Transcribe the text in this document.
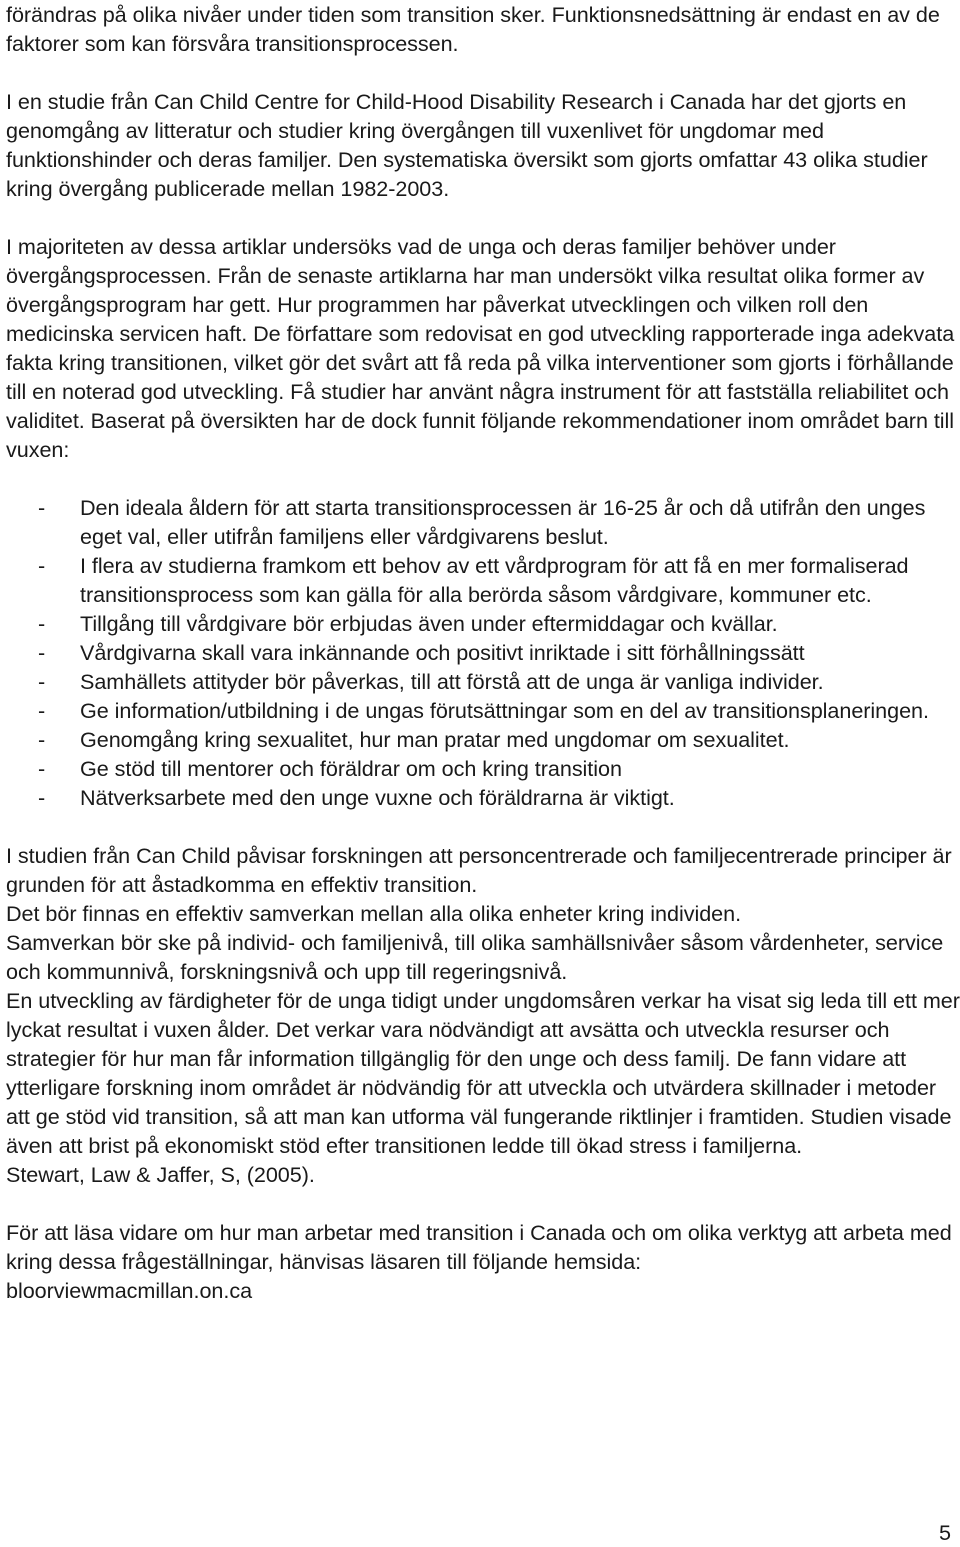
förändras på olika nivåer under tiden som transition sker. Funktionsnedsättning är endast en av de faktorer som kan försvåra transitionsprocessen.

I en studie från Can Child Centre for Child-Hood Disability Research i Canada har det gjorts en genomgång av litteratur och studier kring övergången till vuxenlivet för ungdomar med funktionshinder och deras familjer. Den systematiska översikt som gjorts omfattar 43 olika studier kring övergång publicerade mellan 1982-2003.

I majoriteten av dessa artiklar undersöks vad de unga och deras familjer behöver under övergångsprocessen. Från de senaste artiklarna har man undersökt vilka resultat olika former av övergångsprogram har gett. Hur programmen har påverkat utvecklingen och vilken roll den medicinska servicen haft. De författare som redovisat en god utveckling rapporterade inga adekvata fakta kring transitionen, vilket gör det svårt att få reda på vilka interventioner som gjorts i förhållande till en noterad god utveckling. Få studier har använt några instrument för att fastställa reliabilitet och validitet. Baserat på översikten har de dock funnit följande rekommendationer inom området barn till vuxen:

- Den ideala åldern för att starta transitionsprocessen är 16-25 år och då utifrån den unges eget val, eller utifrån familjens eller vårdgivarens beslut.
- I flera av studierna framkom ett behov av ett vårdprogram för att få en mer formaliserad transitionsprocess som kan gälla för alla berörda såsom vårdgivare, kommuner etc.
- Tillgång till vårdgivare bör erbjudas även under eftermiddagar och kvällar.
- Vårdgivarna skall vara inkännande och positivt inriktade i sitt förhållningssätt
- Samhällets attityder bör påverkas, till att förstå att de unga är vanliga individer.
- Ge information/utbildning i de ungas förutsättningar som en del av transitionsplaneringen.
- Genomgång kring sexualitet, hur man pratar med ungdomar om sexualitet.
- Ge stöd till mentorer och föräldrar om och kring transition
- Nätverksarbete med den unge vuxne och föräldrarna är viktigt.

I studien från Can Child påvisar forskningen att personcentrerade och familjecentrerade principer är grunden för att åstadkomma en effektiv transition.
Det bör finnas en effektiv samverkan mellan alla olika enheter kring individen.
Samverkan bör ske på individ- och familjenivå, till olika samhällsnivåer såsom vårdenheter, service och kommunnivå, forskningsnivå och upp till regeringsnivå.
En utveckling av färdigheter för de unga tidigt under ungdomsåren verkar ha visat sig leda till ett mer lyckat resultat i vuxen ålder. Det verkar vara nödvändigt att avsätta och utveckla resurser och strategier för hur man får information tillgänglig för den unge och dess familj. De fann vidare att ytterligare forskning inom området är nödvändig för att utveckla och utvärdera skillnader i metoder att ge stöd vid transition, så att man kan utforma väl fungerande riktlinjer i framtiden. Studien visade även att brist på ekonomiskt stöd efter transitionen ledde till ökad stress i familjerna.
Stewart, Law & Jaffer, S, (2005).

För att läsa vidare om hur man arbetar med transition i Canada och om olika verktyg att arbeta med kring dessa frågeställningar, hänvisas läsaren till följande hemsida:
bloorviewmacmillan.on.ca

5
